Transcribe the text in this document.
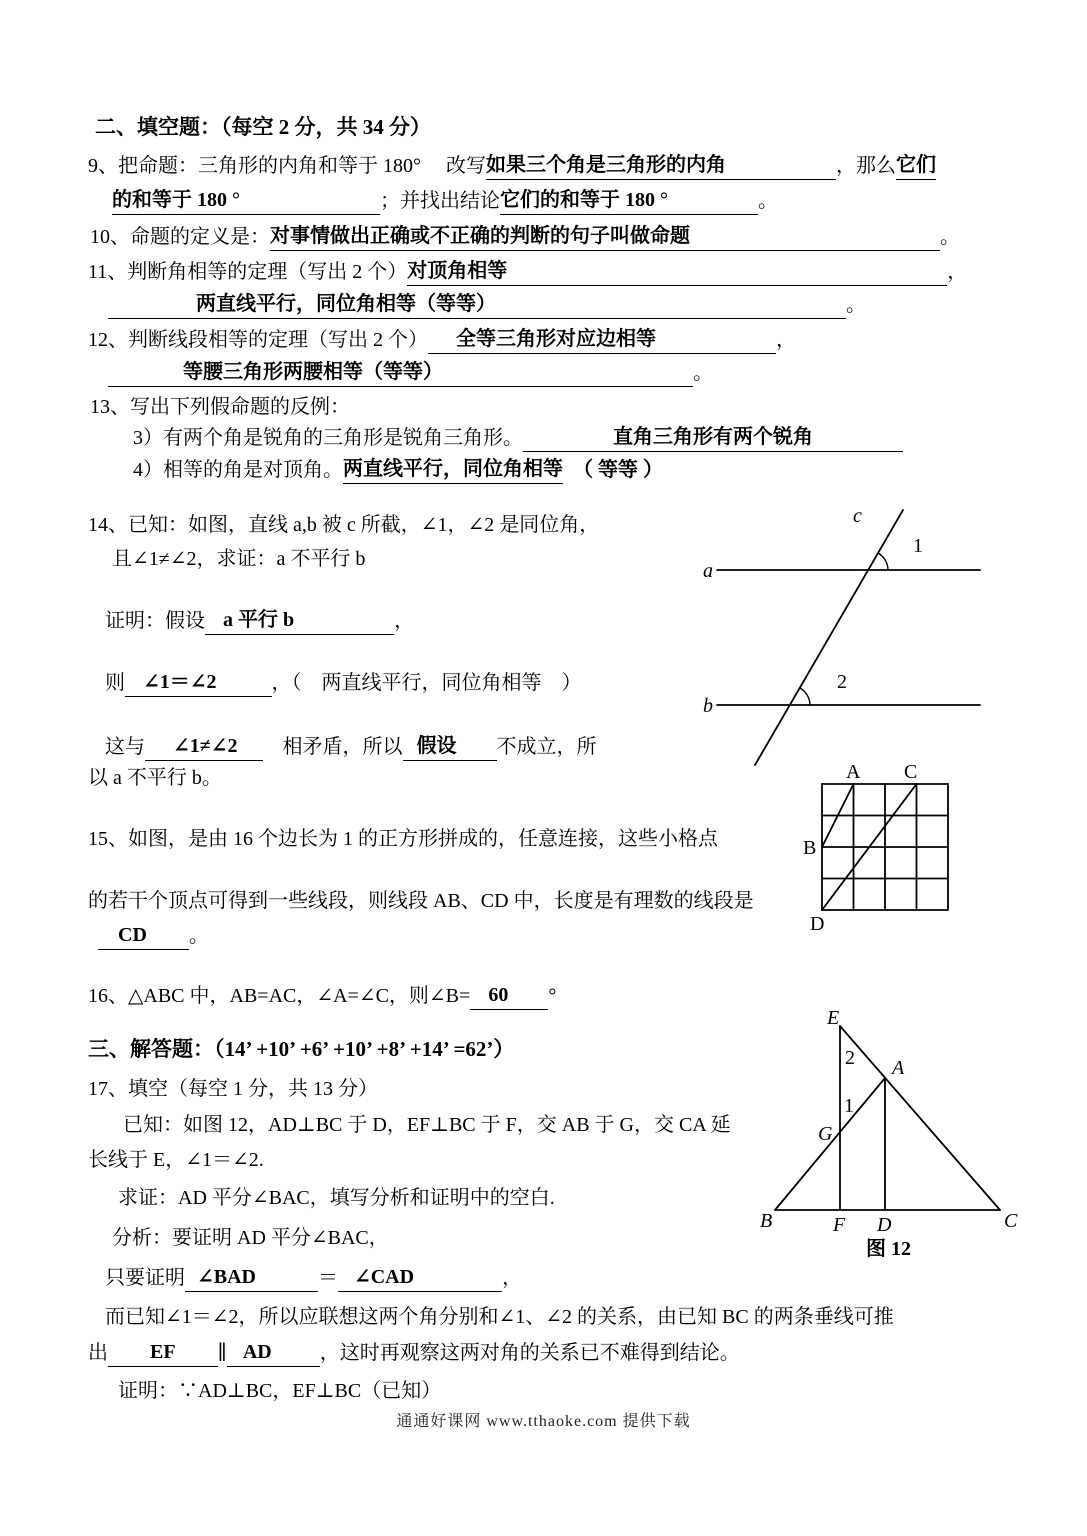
二、填空题：（每空 2 分，共 34 分）
9、把命题：三角形的内角和等于 180°　 改写如果三个角是三角形的内角	，那么它们
的和等于 180 °	；并找出结论它们的和等于 180 °	。
10、命题的定义是：对事情做出正确或不正确的判断的句子叫做命题	。
11、判断角相等的定理（写出 2 个）对顶角相等	，
两直线平行，同位角相等（等等）	。
12、判断线段相等的定理（写出 2 个） 全等三角形对应边相等	，
等腰三角形两腰相等（等等）	。
13、写出下列假命题的反例：
3）有两个角是锐角的三角形是锐角三角形。	直角三角形有两个锐角
4）相等的角是对顶角。两直线平行，同位角相等　（ 等等 ）
14、已知：如图，直线 a,b 被 c 所截，∠1，∠2 是同位角，
且∠1≠∠2，求证：a 不平行 b
证明：假设 a 平行 b	，
则 ∠1＝∠2	，（　两直线平行，同位角相等　）
这与 ∠1≠∠2　相矛盾，所以 假设 不成立，所
以 a 不平行 b。
15、如图，是由 16 个边长为 1 的正方形拼成的，任意连接，这些小格点
的若干个顶点可得到一些线段，则线段 AB、CD 中，长度是有理数的线段是
CD 。
16、△ABC 中，AB=AC，∠A=∠C，则∠B= 60 °
三、解答题：（14’ +10’ +6’ +10’ +8’ +14’ =62’）
17、填空（每空 1 分，共 13 分）
已知：如图 12，AD⊥BC 于 D，EF⊥BC 于 F，交 AB 于 G，交 CA 延
长线于 E，∠1＝∠2.
求证：AD 平分∠BAC，填写分析和证明中的空白.
分析：要证明 AD 平分∠BAC，
只要证明 ∠BAD	＝ ∠CAD	，
而已知∠1＝∠2，所以应联想这两个角分别和∠1、∠2 的关系，由已知 BC 的两条垂线可推
出 EF ∥ AD ，这时再观察这两对角的关系已不难得到结论。
证明：∵AD⊥BC，EF⊥BC（已知）
a
b
c
1
2
A C
B
D
E
A
G
B	F D	C
2
1
图 12
通通好课网 www.tthaoke.com 提供下载
